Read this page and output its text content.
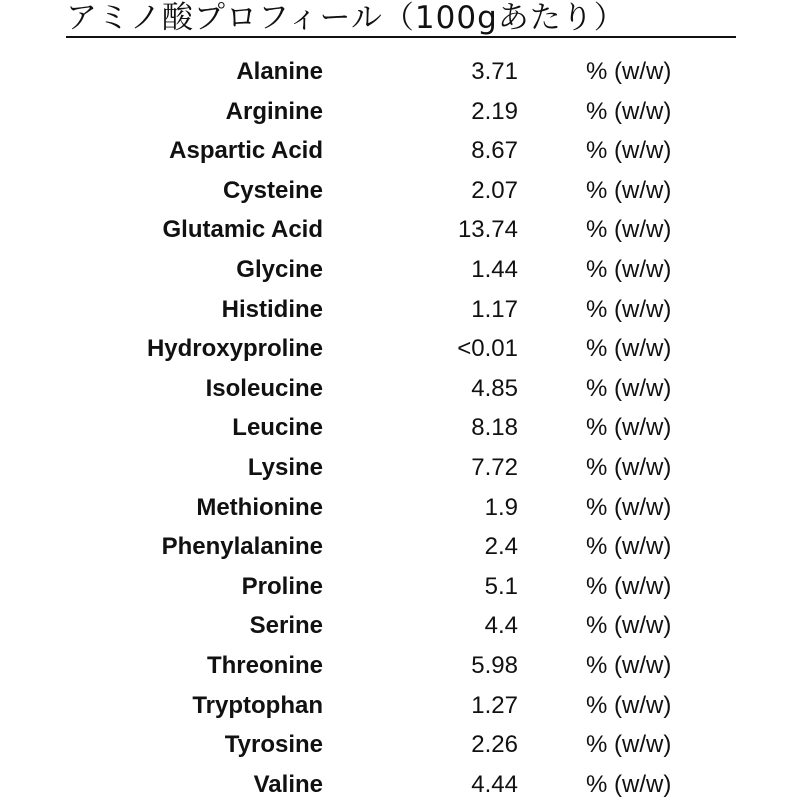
アミノ酸プロフィール（100gあたり）
Alanine	3.71	% (w/w)
Arginine	2.19	% (w/w)
Aspartic Acid	8.67	% (w/w)
Cysteine	2.07	% (w/w)
Glutamic Acid	13.74	% (w/w)
Glycine	1.44	% (w/w)
Histidine	1.17	% (w/w)
Hydroxyproline	<0.01	% (w/w)
Isoleucine	4.85	% (w/w)
Leucine	8.18	% (w/w)
Lysine	7.72	% (w/w)
Methionine	1.9	% (w/w)
Phenylalanine	2.4	% (w/w)
Proline	5.1	% (w/w)
Serine	4.4	% (w/w)
Threonine	5.98	% (w/w)
Tryptophan	1.27	% (w/w)
Tyrosine	2.26	% (w/w)
Valine	4.44	% (w/w)
